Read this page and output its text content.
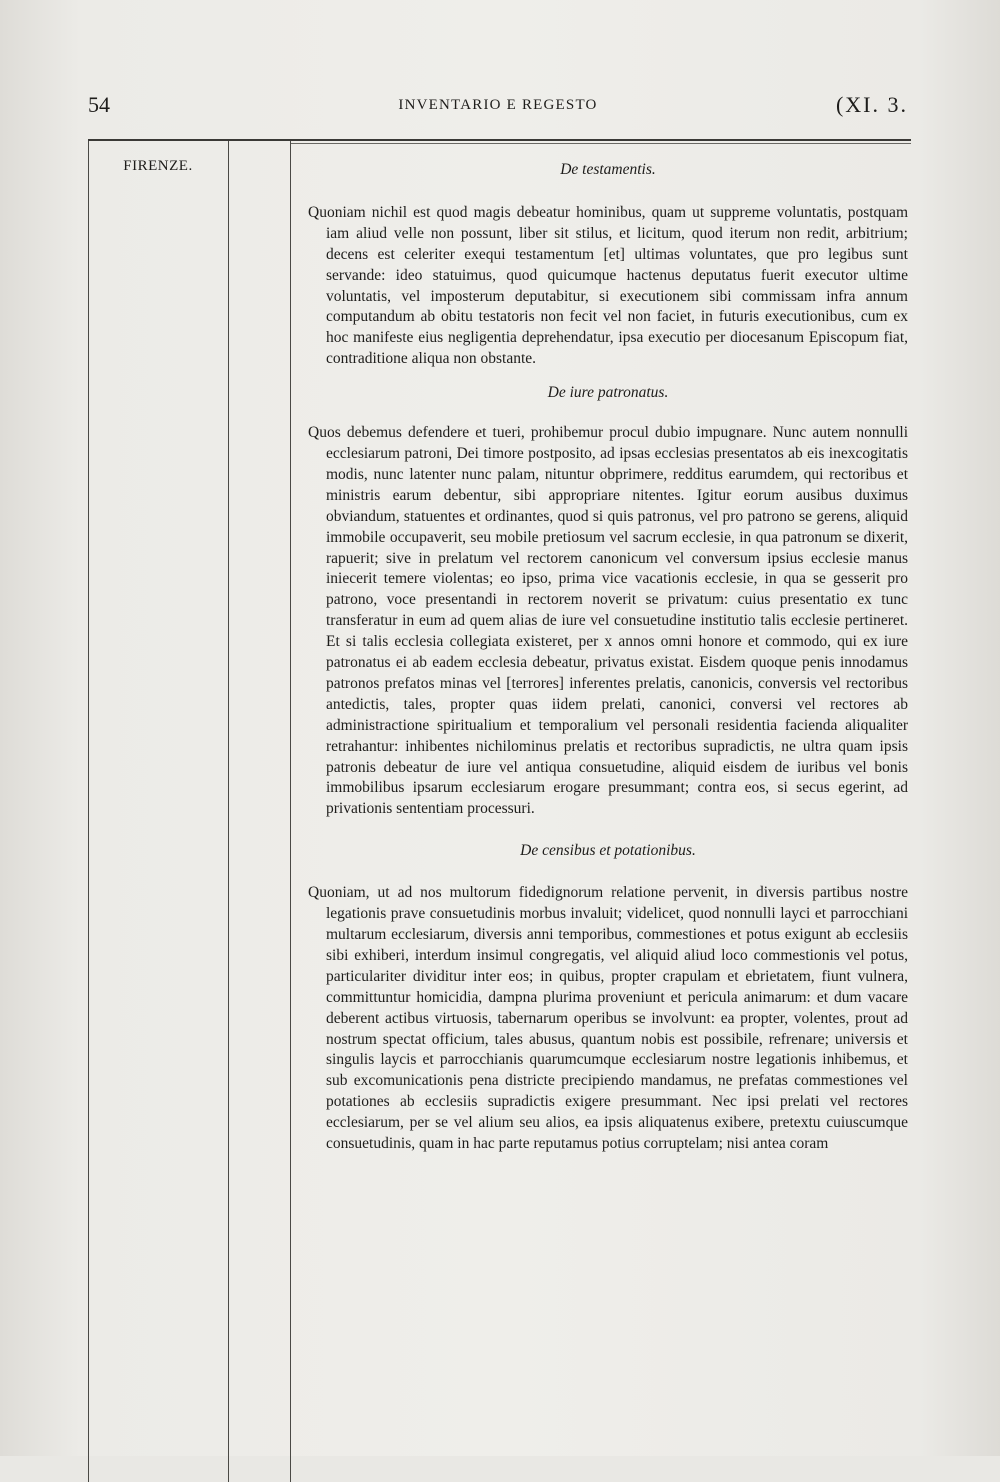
54	INVENTARIO E REGESTO	(XI. 3.
FIRENZE.	De testamentis.

Quoniam nichil est quod magis debeatur hominibus, quam ut suppreme voluntatis, postquam iam aliud velle non possunt, liber sit stilus, et licitum, quod iterum non redit, arbitrium; decens est celeriter exequi testamentum [et] ultimas voluntates, que pro legibus sunt servande: ideo statuimus, quod quicumque hactenus deputatus fuerit executor ultime voluntatis, vel imposterum deputabitur, si executionem sibi commissam infra annum computandum ab obitu testatoris non fecit vel non faciet, in futuris executionibus, cum ex hoc manifeste eius negligentia deprehendatur, ipsa executio per diocesanum Episcopum fiat, contraditione aliqua non obstante.

De iure patronatus.

Quos debemus defendere et tueri, prohibemur procul dubio impugnare. Nunc autem nonnulli ecclesiarum patroni, Dei timore postposito, ad ipsas ecclesias presentatos ab eis inexcogitatis modis, nunc latenter nunc palam, nituntur obprimere, redditus earumdem, qui rectoribus et ministris earum debentur, sibi appropriare nitentes. Igitur eorum ausibus duximus obviandum, statuentes et ordinantes, quod si quis patronus, vel pro patrono se gerens, aliquid immobile occupaverit, seu mobile pretiosum vel sacrum ecclesie, in qua patronum se dixerit, rapuerit; sive in prelatum vel rectorem canonicum vel conversum ipsius ecclesie manus iniecerit temere violentas; eo ipso, prima vice vacationis ecclesie, in qua se gesserit pro patrono, voce presentandi in rectorem noverit se privatum: cuius presentatio ex tunc transferatur in eum ad quem alias de iure vel consuetudine institutio talis ecclesie pertineret. Et si talis ecclesia collegiata existeret, per x annos omni honore et commodo, qui ex iure patronatus ei ab eadem ecclesia debeatur, privatus existat. Eisdem quoque penis innodamus patronos prefatos minas vel [terrores] inferentes prelatis, canonicis, conversis vel rectoribus antedictis, tales, propter quas iidem prelati, canonici, conversi vel rectores ab administractione spiritualium et temporalium vel personali residentia facienda aliqualiter retrahantur: inhibentes nichilominus prelatis et rectoribus supradictis, ne ultra quam ipsis patronis debeatur de iure vel antiqua consuetudine, aliquid eisdem de iuribus vel bonis immobilibus ipsarum ecclesiarum erogare presummant; contra eos, si secus egerint, ad privationis sententiam processuri.

De censibus et potationibus.

Quoniam, ut ad nos multorum fidedignorum relatione pervenit, in diversis partibus nostre legationis prave consuetudinis morbus invaluit; videlicet, quod nonnulli layci et parrocchiani multarum ecclesiarum, diversis anni temporibus, commestiones et potus exigunt ab ecclesiis sibi exhiberi, interdum insimul congregatis, vel aliquid aliud loco commestionis vel potus, particulariter dividitur inter eos; in quibus, propter crapulam et ebrietatem, fiunt vulnera, committuntur homicidia, dampna plurima proveniunt et pericula animarum: et dum vacare deberent actibus virtuosis, tabernarum operibus se involvunt: ea propter, volentes, prout ad nostrum spectat officium, tales abusus, quantum nobis est possibile, refrenare; universis et singulis laycis et parrocchianis quarumcumque ecclesiarum nostre legationis inhibemus, et sub excomunicationis pena districte precipiendo mandamus, ne prefatas commestiones vel potationes ab ecclesiis supradictis exigere presummant. Nec ipsi prelati vel rectores ecclesiarum, per se vel alium seu alios, ea ipsis aliquatenus exibere, pretextu cuiuscumque consuetudinis, quam in hac parte reputamus potius corruptelam; nisi antea coram
